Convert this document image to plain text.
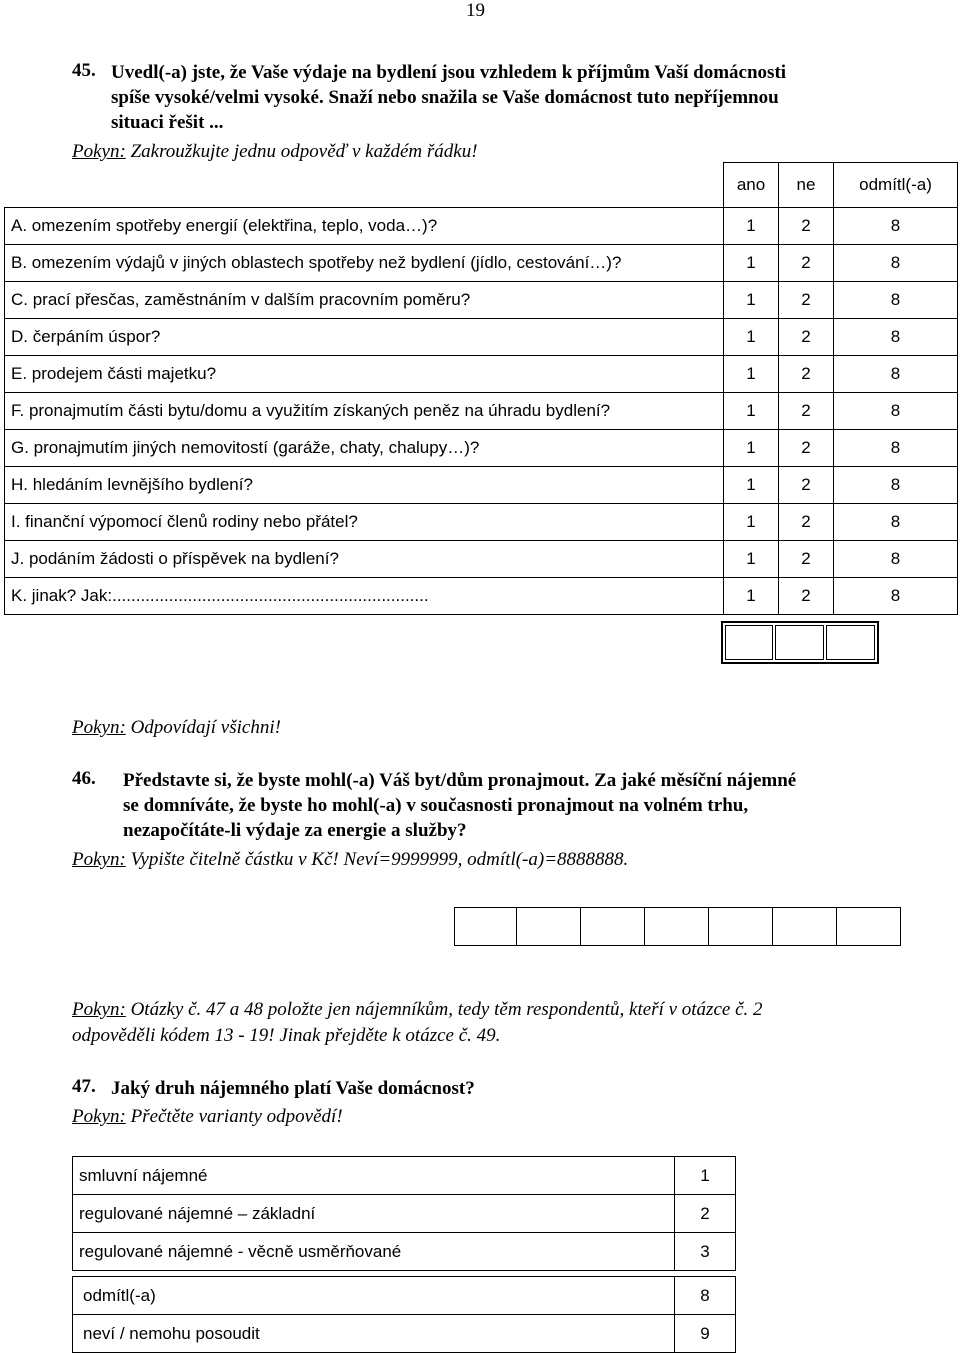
19
45. Uvedl(-a) jste, že Vaše výdaje na bydlení jsou vzhledem k příjmům Vaší domácnosti
spíše vysoké/velmi vysoké. Snaží nebo snažila se Vaše domácnost tuto nepříjemnou
situaci řešit ...
Pokyn: Zakroužkujte jednu odpověď v každém řádku!
	ano	ne	odmítl(-a)
A. omezením spotřeby energií (elektřina, teplo, voda…)?	1	2	8
B. omezením výdajů v jiných oblastech spotřeby než bydlení (jídlo, cestování…)?	1	2	8
C. prací přesčas, zaměstnáním v dalším pracovním poměru?	1	2	8
D. čerpáním úspor?	1	2	8
E. prodejem části majetku?	1	2	8
F. pronajmutím části bytu/domu a využitím získaných peněz na úhradu bydlení?	1	2	8
G. pronajmutím jiných nemovitostí (garáže, chaty, chalupy…)?	1	2	8
H. hledáním levnějšího bydlení?	1	2	8
I. finanční výpomocí členů rodiny nebo přátel?	1	2	8
J. podáním žádosti o příspěvek na bydlení?	1	2	8
K. jinak? Jak:...................................................................	1	2	8
Pokyn: Odpovídají všichni!
46. Představte si, že byste mohl(-a) Váš byt/dům pronajmout. Za jaké měsíční nájemné
se domníváte, že byste ho mohl(-a) v současnosti pronajmout na volném trhu,
nezapočítáte-li výdaje za energie a služby?
Pokyn: Vypište čitelně částku v Kč! Neví=9999999, odmítl(-a)=8888888.
Pokyn: Otázky č. 47 a 48 položte jen nájemníkům, tedy těm respondentů, kteří v otázce č. 2
odpověděli kódem 13 - 19! Jinak přejděte k otázce č. 49.
47. Jaký druh nájemného platí Vaše domácnost?
Pokyn: Přečtěte varianty odpovědí!
smluvní nájemné	1
regulované nájemné – základní	2
regulované nájemné - věcně usměrňované	3
odmítl(-a)	8
neví / nemohu posoudit	9
